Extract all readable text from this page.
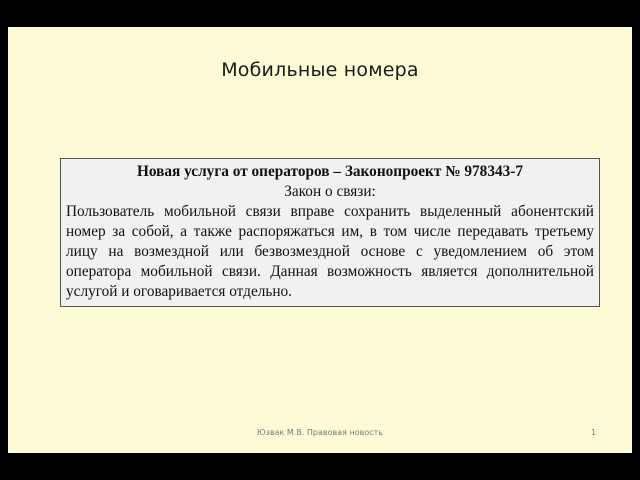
Мобильные номера
Новая услуга от операторов – Законопроект № 978343-7
Закон о связи:
Пользователь мобильной связи вправе сохранить выделенный абонентский номер за собой, а также распоряжаться им, в том числе передавать третьему лицу на возмездной или безвозмездной основе с уведомлением об этом оператора мобильной связи. Данная возможность является дополнительной услугой и оговаривается отдельно.
Юзвак М.В. Правовая новость	1
